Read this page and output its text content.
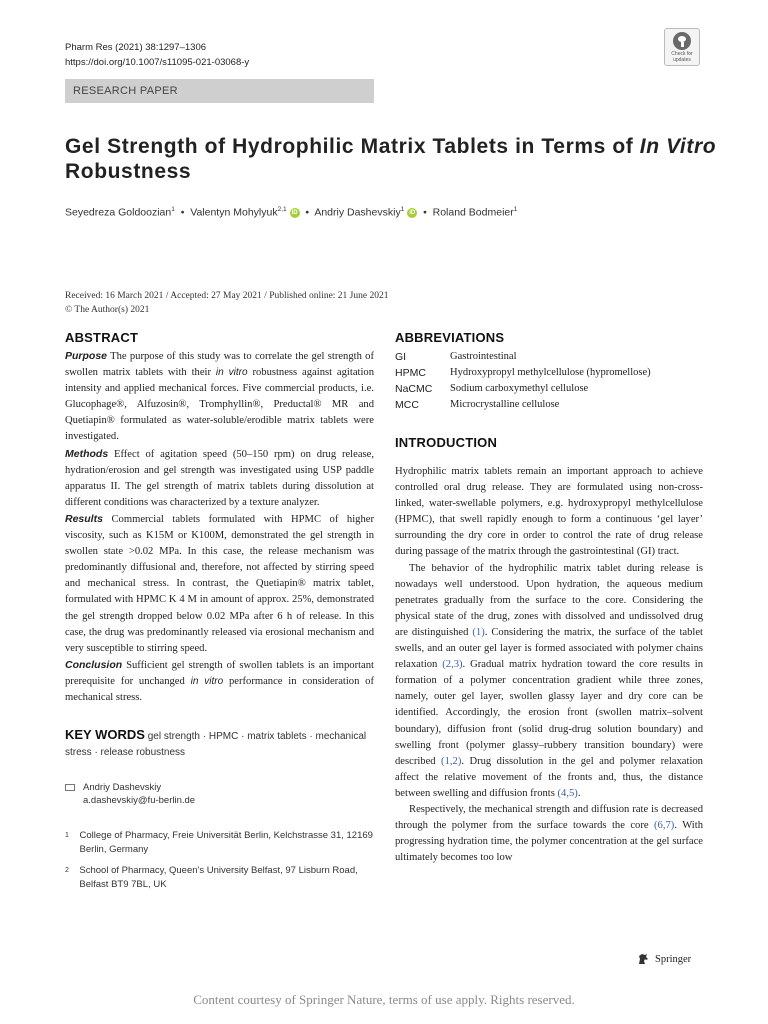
Pharm Res (2021) 38:1297–1306
https://doi.org/10.1007/s11095-021-03068-y
Check for updates
RESEARCH PAPER
Gel Strength of Hydrophilic Matrix Tablets in Terms of In Vitro Robustness
Seyedreza Goldoozian$^1$  •  Valentyn Mohylyuk$^{2,1}$ iD  •  Andriy Dashevskiy$^1$ iD  •  Roland Bodmeier$^1$
Received: 16 March 2021 / Accepted: 27 May 2021 / Published online: 21 June 2021
© The Author(s) 2021
ABSTRACT

Purpose The purpose of this study was to correlate the gel strength of swollen matrix tablets with their in vitro robustness against agitation intensity and applied mechanical forces. Five commercial products, i.e. Glucophage®, Alfuzosin®, Tromphyllin®, Preductal® MR and Quetiapin® formulated as water-soluble/erodible matrix tablets were investigated.

Methods Effect of agitation speed (50–150 rpm) on drug release, hydration/erosion and gel strength was investigated using USP paddle apparatus II. The gel strength of matrix tablets during dissolution at different conditions was characterized by a texture analyzer.

Results Commercial tablets formulated with HPMC of higher viscosity, such as K15M or K100M, demonstrated the gel strength in swollen state >0.02 MPa. In this case, the release mechanism was predominantly diffusional and, therefore, not affected by stirring speed and mechanical stress. In contrast, the Quetiapin® matrix tablet, formulated with HPMC K 4 M in amount of approx. 25%, demonstrated the gel strength dropped below 0.02 MPa after 6 h of release. In this case, the drug was predominantly released via erosional mechanism and very susceptible to stirring speed.

Conclusion Sufficient gel strength of swollen tablets is an important prerequisite for unchanged in vitro performance in consideration of mechanical stress.

KEY WORDS gel strength · HPMC · matrix tablets · mechanical stress · release robustness
Andriy Dashevskiy
a.dashevskiy@fu-berlin.de
1	College of Pharmacy, Freie Universität Berlin, Kelchstrasse 31, 12169 Berlin, Germany
2	School of Pharmacy, Queen's University Belfast, 97 Lisburn Road, Belfast BT9 7BL, UK
ABBREVIATIONS
GI	Gastrointestinal
HPMC	Hydroxypropyl methylcellulose (hypromellose)
NaCMC	Sodium carboxymethyl cellulose
MCC	Microcrystalline cellulose
INTRODUCTION

Hydrophilic matrix tablets remain an important approach to achieve controlled oral drug release. They are formulated using non-cross-linked, water-swellable polymers, e.g. hydroxypropyl methylcellulose (HPMC), that swell rapidly enough to form a continuous ‘gel layer’ surrounding the dry core in order to control the rate of drug release during passage of the matrix through the gastrointestinal (GI) tract.

The behavior of the hydrophilic matrix tablet during release is nowadays well understood. Upon hydration, the aqueous medium penetrates gradually from the surface to the core. Considering the physical state of the drug, zones with dissolved and undissolved drug are distinguished (1). Considering the matrix, the surface of the tablet swells, and an outer gel layer is formed associated with polymer chains relaxation (2,3). Gradual matrix hydration toward the core results in formation of a polymer concentration gradient while three zones, namely, outer gel layer, swollen glassy layer and dry core can be identified. Accordingly, the erosion front (swollen matrix–solvent boundary), diffusion front (solid drug-drug solution boundary) and swelling front (polymer glassy–rubbery transition boundary) were described (1,2). Drug dissolution in the gel and polymer relaxation affect the relative movement of the fronts and, thus, the distance between swelling and diffusion fronts (4,5).

Respectively, the mechanical strength and diffusion rate is decreased through the polymer from the surface towards the core (6,7). With progressing hydration time, the polymer concentration at the gel surface ultimately becomes too low

Springer
Content courtesy of Springer Nature, terms of use apply. Rights reserved.
